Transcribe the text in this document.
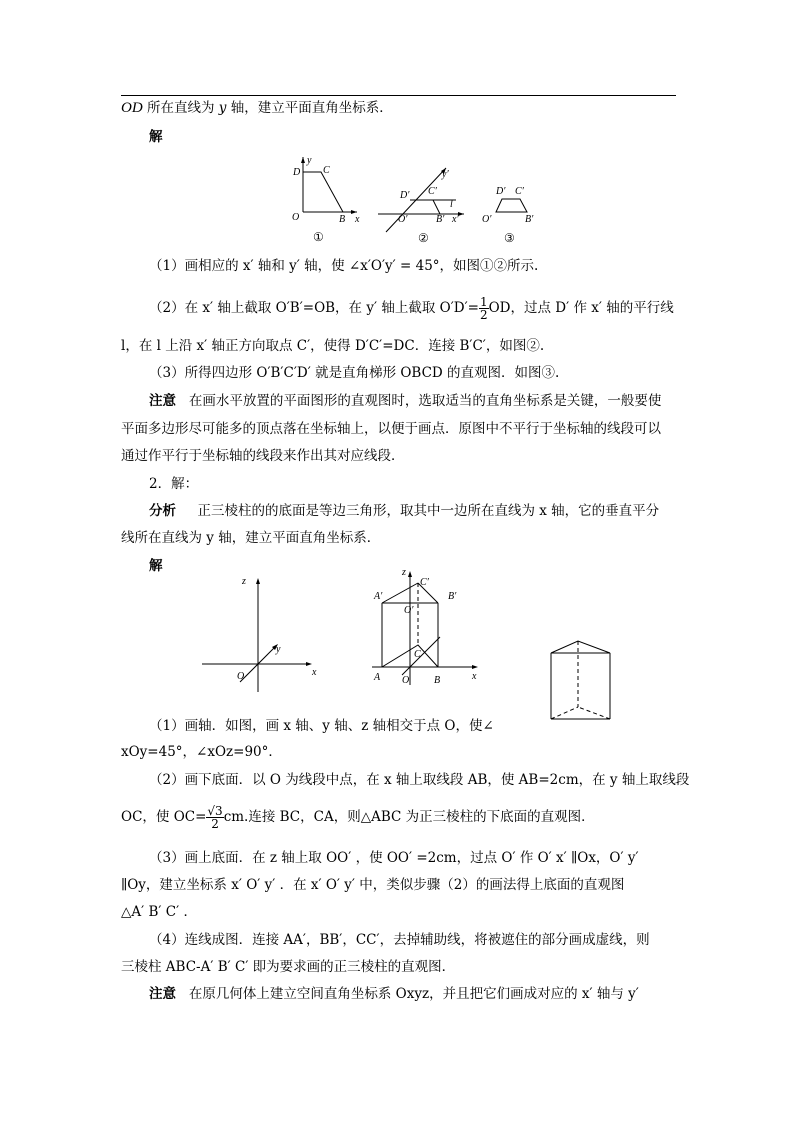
OD 所在直线为 y 轴，建立平面直角坐标系．
解
y
D C
O	B x
①
y′
D′ C′
l
O′	B′ x′
②
D′ C′
O′	B′
③
（1）画相应的 x′ 轴和 y′ 轴，使 ∠x′O′y′ = 45°，如图①②所示.
（2）在 x′ 轴上截取 O′B′=OB，在 y′ 轴上截取 $O'D'= \frac{1}{2}$ OD，过点 D′ 作 x′ 轴的平行线
l，在 l 上沿 x′ 轴正方向取点 C′，使得 D′C′=DC．连接 B′C′，如图②.
（3）所得四边形 O′B′C′D′ 就是直角梯形 OBCD 的直观图．如图③.
注意 在画水平放置的平面图形的直观图时，选取适当的直角坐标系是关键，一般要使
平面多边形尽可能多的顶点落在坐标轴上，以便于画点．原图中不平行于坐标轴的线段可以
通过作平行于坐标轴的线段来作出其对应线段．
2．解：
分析 正三棱柱的的底面是等边三角形，取其中一边所在直线为 x 轴，它的垂直平分
线所在直线为 y 轴，建立平面直角坐标系．
解
z
y
O	x
z
C′
A′	B′
O′
C
A O B	x
（1）画轴．如图，画 x 轴、y 轴、z 轴相交于点 O，使∠
xOy=45°，∠xOz=90°．
（2）画下底面．以 O 为线段中点，在 x 轴上取线段 AB，使 AB=2cm，在 y 轴上取线段
OC，使 $OC= \frac{√3}{2}$ cm.连接 BC，CA，则△ABC 为正三棱柱的下底面的直观图．
（3）画上底面．在 z 轴上取 OO′ ，使 OO′ =2cm，过点 O′ 作 O′ x′ ∥Ox，O′ y′
∥Oy，建立坐标系 x′ O′ y′ ．在 x′ O′ y′ 中，类似步骤（2）的画法得上底面的直观图
△A′ B′ C′ ．
（4）连线成图．连接 AA′，BB′，CC′，去掉辅助线，将被遮住的部分画成虚线，则
三棱柱 ABC-A′ B′ C′ 即为要求画的正三棱柱的直观图．
注意 在原几何体上建立空间直角坐标系 Oxyz，并且把它们画成对应的 x′ 轴与 y′
